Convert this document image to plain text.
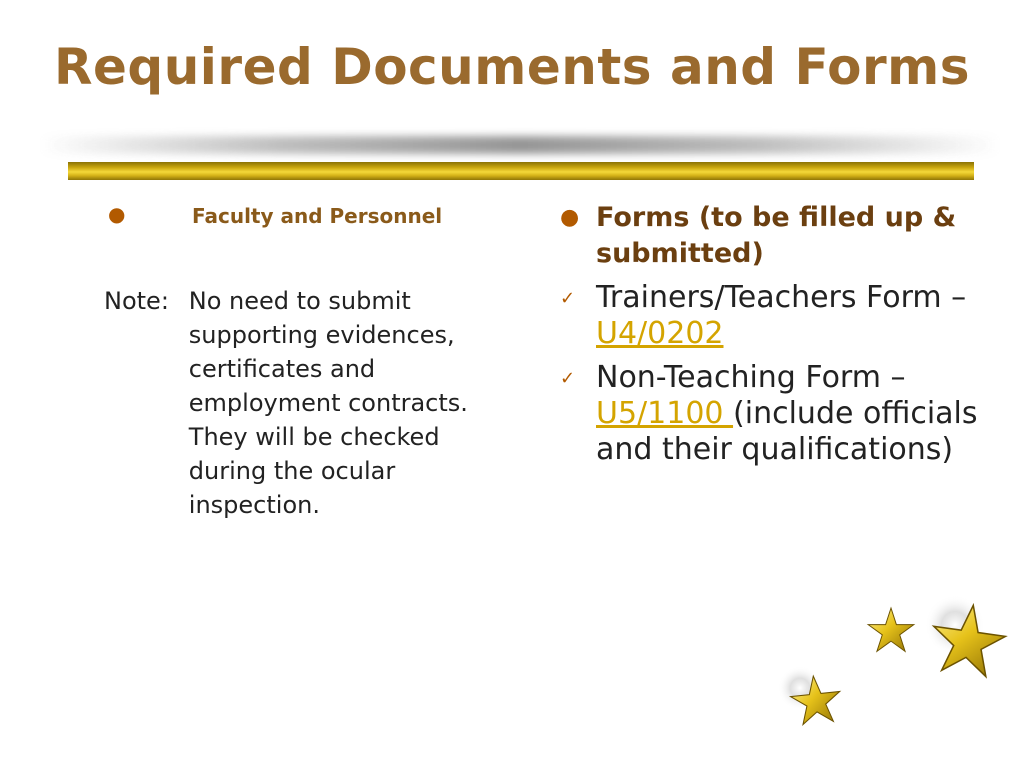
Required Documents and Forms
●	Faculty and Personnel
Note: No need to submit supporting evidences, certificates and employment contracts. They will be checked during the ocular inspection.
● Forms (to be filled up & submitted)
✓ Trainers/Teachers Form – U4/0202
✓ Non-Teaching Form – U5/1100 (include officials and their qualifications)
